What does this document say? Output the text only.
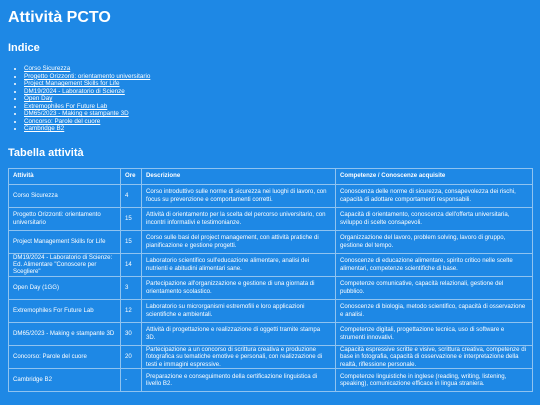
Attività PCTO
Indice
• Corso Sicurezza
• Progetto Orizzonti: orientamento universitario
• Project Management Skills for Life
• DM19/2024 - Laboratorio di Scienze
• Open Day
• Extremophiles For Future Lab
• DM65/2023 - Making e stampante 3D
• Concorso: Parole del cuore
• Cambridge B2
Tabella attività
Attività	Ore	Descrizione	Competenze / Conoscenze acquisite
Corso Sicurezza	4	Corso introduttivo sulle norme di sicurezza nei luoghi di lavoro, con focus su prevenzione e comportamenti corretti.	Conoscenza delle norme di sicurezza, consapevolezza dei rischi, capacità di adottare comportamenti responsabili.
Progetto Orizzonti: orientamento universitario	15	Attività di orientamento per la scelta del percorso universitario, con incontri informativi e testimonianze.	Capacità di orientamento, conoscenza dell'offerta universitaria, sviluppo di scelte consapevoli.
Project Management Skills for Life	15	Corso sulle basi del project management, con attività pratiche di pianificazione e gestione progetti.	Organizzazione del lavoro, problem solving, lavoro di gruppo, gestione del tempo.
DM19/2024 - Laboratorio di Scienze: Ed. Alimentare "Conoscere per Scegliere"	14	Laboratorio scientifico sull'educazione alimentare, analisi dei nutrienti e abitudini alimentari sane.	Conoscenze di educazione alimentare, spirito critico nelle scelte alimentari, competenze scientifiche di base.
Open Day (1GG)	3	Partecipazione all'organizzazione e gestione di una giornata di orientamento scolastico.	Competenze comunicative, capacità relazionali, gestione del pubblico.
Extremophiles For Future Lab	12	Laboratorio su microrganismi estremofili e loro applicazioni scientifiche e ambientali.	Conoscenze di biologia, metodo scientifico, capacità di osservazione e analisi.
DM65/2023 - Making e stampante 3D	30	Attività di progettazione e realizzazione di oggetti tramite stampa 3D.	Competenze digitali, progettazione tecnica, uso di software e strumenti innovativi.
Concorso: Parole del cuore	20	Partecipazione a un concorso di scrittura creativa e produzione fotografica su tematiche emotive e personali, con realizzazione di testi e immagini espressive.	Capacità espressive scritte e visive, scrittura creativa, competenze di base in fotografia, capacità di osservazione e interpretazione della realtà, riflessione personale.
Cambridge B2	-	Preparazione e conseguimento della certificazione linguistica di livello B2.	Competenze linguistiche in inglese (reading, writing, listening, speaking), comunicazione efficace in lingua straniera.
